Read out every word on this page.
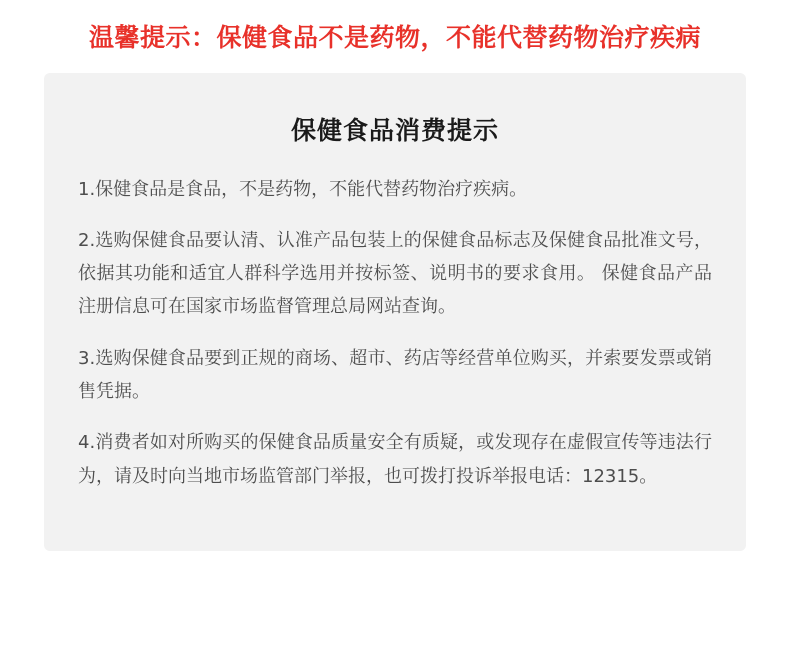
温馨提示：保健食品不是药物，不能代替药物治疗疾病
保健食品消费提示

1.保健食品是食品，不是药物，不能代替药物治疗疾病。

2.选购保健食品要认清、认准产品包装上的保健食品标志及保健食品批准文号，依据其功能和适宜人群科学选用并按标签、说明书的要求食用。 保健食品产品注册信息可在国家市场监督管理总局网站查询。

3.选购保健食品要到正规的商场、超市、药店等经营单位购买，并索要发票或销售凭据。

4.消费者如对所购买的保健食品质量安全有质疑，或发现存在虚假宣传等违法行为，请及时向当地市场监管部门举报，也可拨打投诉举报电话：12315。
